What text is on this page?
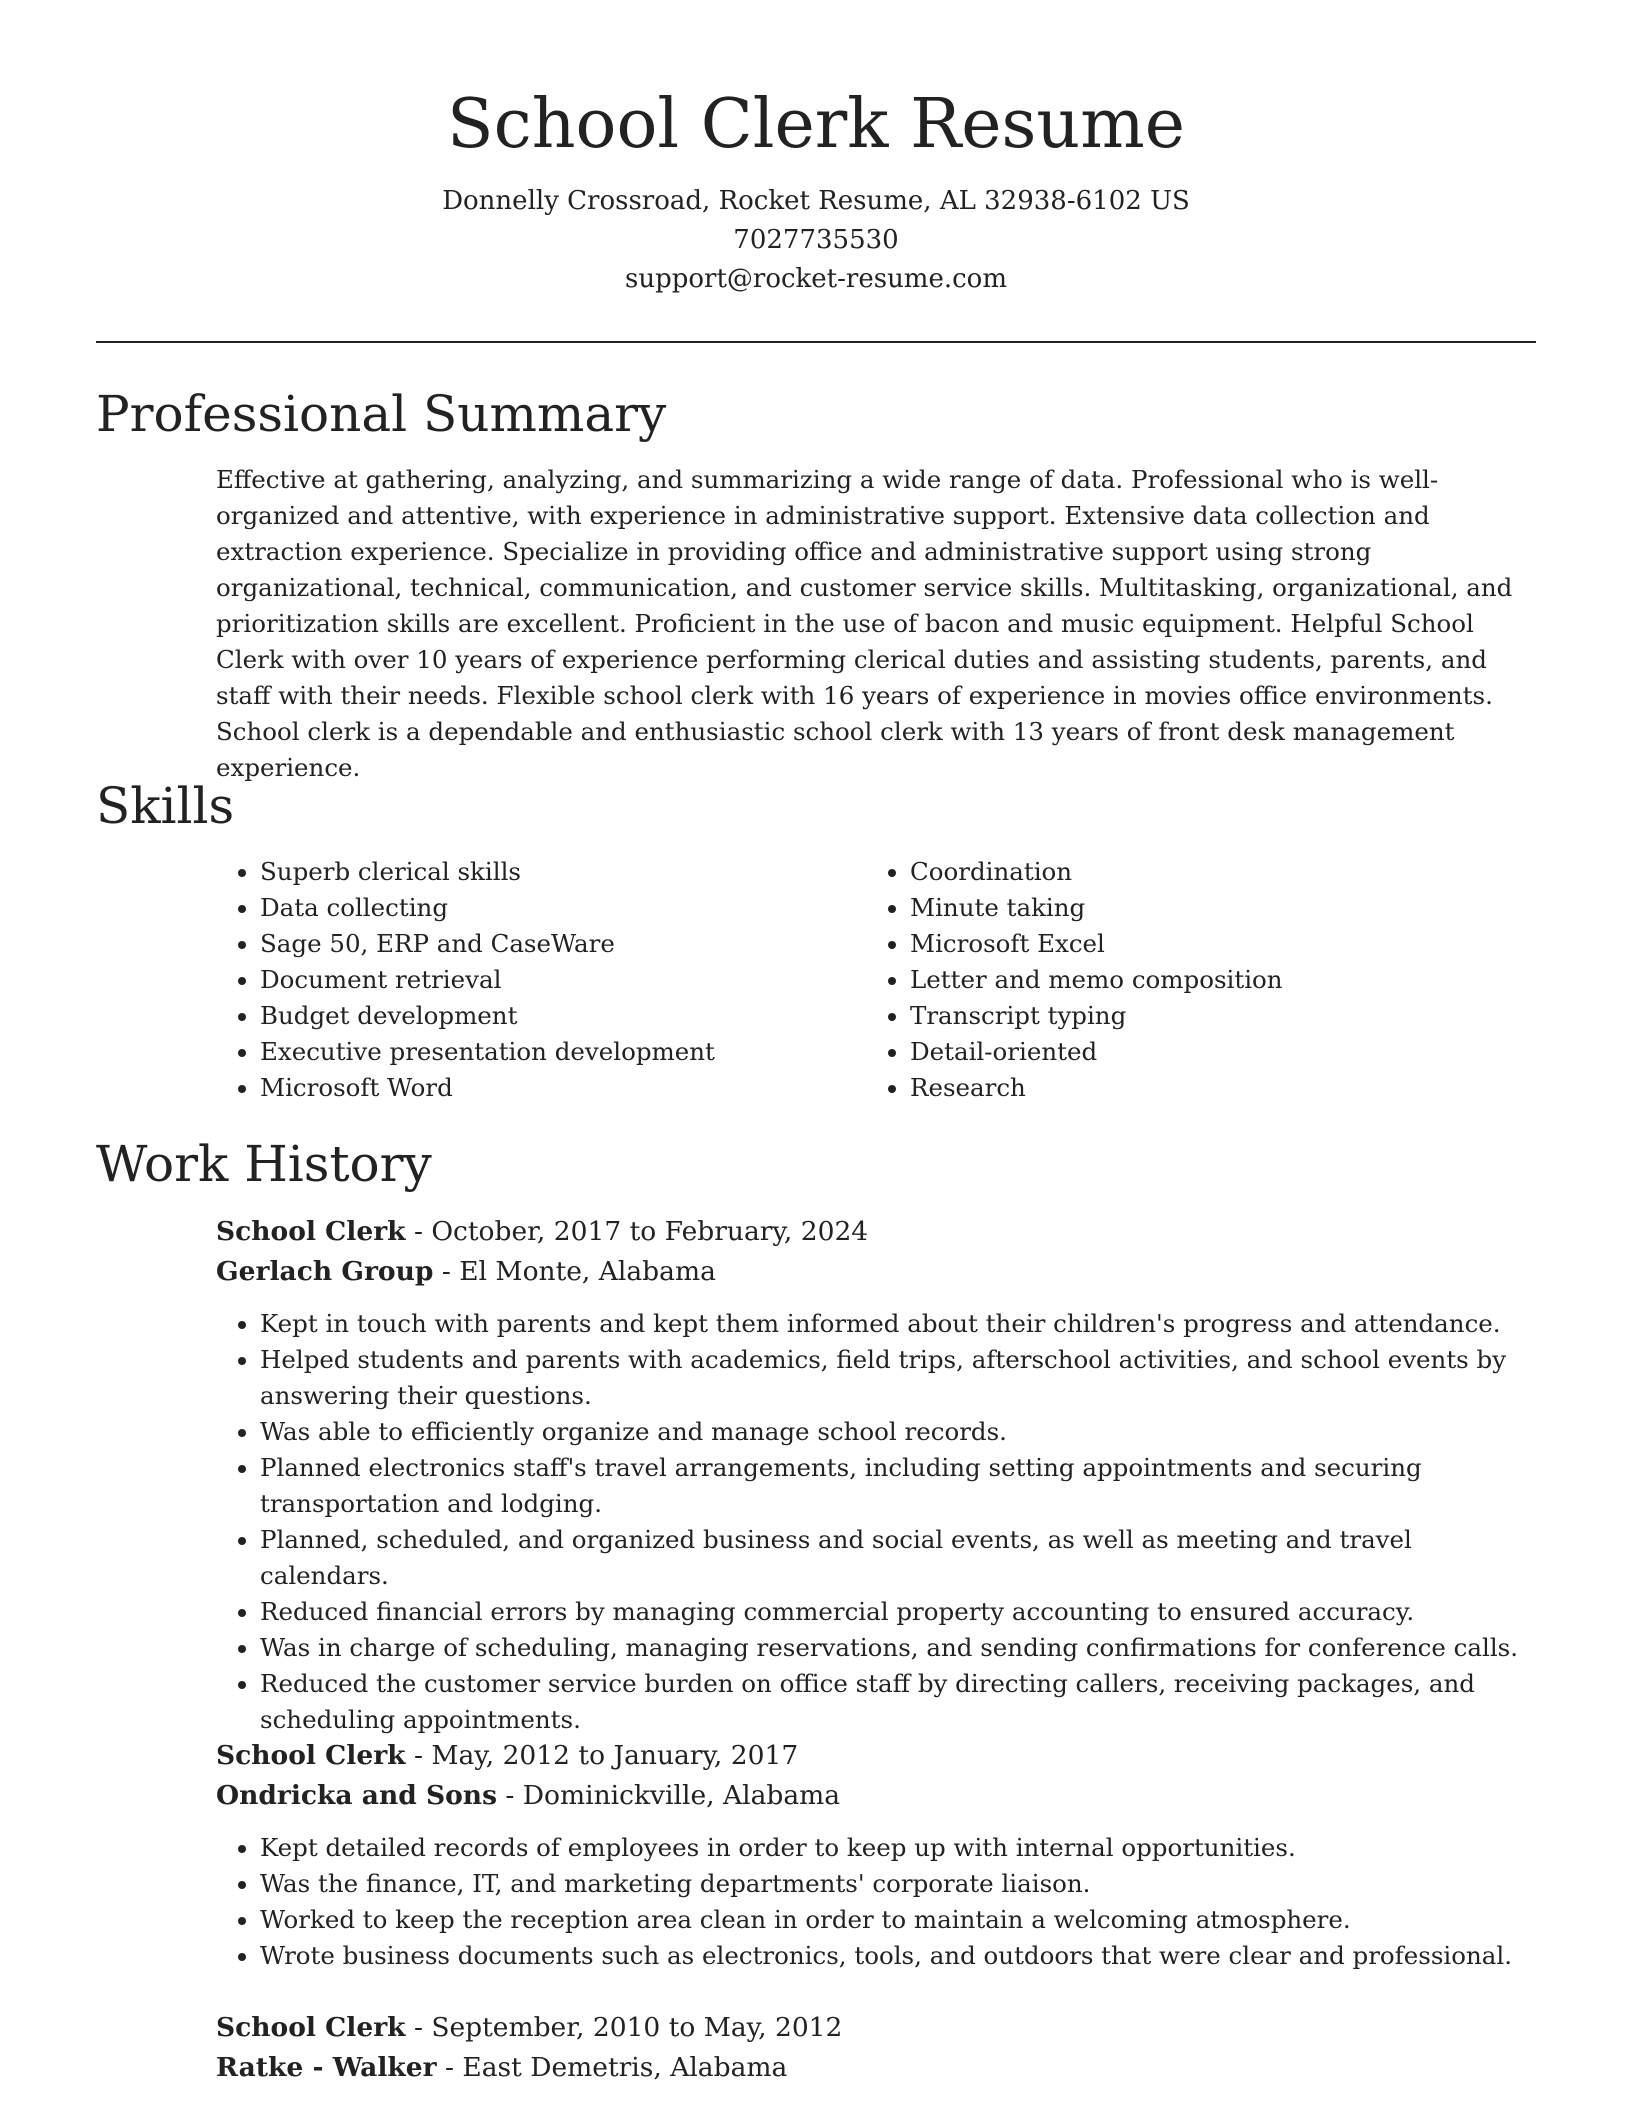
School Clerk Resume
Donnelly Crossroad, Rocket Resume, AL 32938-6102 US
7027735530
support@rocket-resume.com
Professional Summary

Effective at gathering, analyzing, and summarizing a wide range of data. Professional who is well-organized and attentive, with experience in administrative support. Extensive data collection and extraction experience. Specialize in providing office and administrative support using strong organizational, technical, communication, and customer service skills. Multitasking, organizational, and prioritization skills are excellent. Proficient in the use of bacon and music equipment. Helpful School Clerk with over 10 years of experience performing clerical duties and assisting students, parents, and staff with their needs. Flexible school clerk with 16 years of experience in movies office environments. School clerk is a dependable and enthusiastic school clerk with 13 years of front desk management experience.

Skills
• Superb clerical skills
• Data collecting
• Sage 50, ERP and CaseWare
• Document retrieval
• Budget development
• Executive presentation development
• Microsoft Word
• Coordination
• Minute taking
• Microsoft Excel
• Letter and memo composition
• Transcript typing
• Detail-oriented
• Research
Work History

School Clerk - October, 2017 to February, 2024

Gerlach Group - El Monte, Alabama

• Kept in touch with parents and kept them informed about their children's progress and attendance.
• Helped students and parents with academics, field trips, afterschool activities, and school events by answering their questions.
• Was able to efficiently organize and manage school records.
• Planned electronics staff's travel arrangements, including setting appointments and securing transportation and lodging.
• Planned, scheduled, and organized business and social events, as well as meeting and travel calendars.
• Reduced financial errors by managing commercial property accounting to ensured accuracy.
• Was in charge of scheduling, managing reservations, and sending confirmations for conference calls.
• Reduced the customer service burden on office staff by directing callers, receiving packages, and scheduling appointments.

School Clerk - May, 2012 to January, 2017

Ondricka and Sons - Dominickville, Alabama

• Kept detailed records of employees in order to keep up with internal opportunities.
• Was the finance, IT, and marketing departments' corporate liaison.
• Worked to keep the reception area clean in order to maintain a welcoming atmosphere.
• Wrote business documents such as electronics, tools, and outdoors that were clear and professional.

School Clerk - September, 2010 to May, 2012

Ratke - Walker - East Demetris, Alabama
